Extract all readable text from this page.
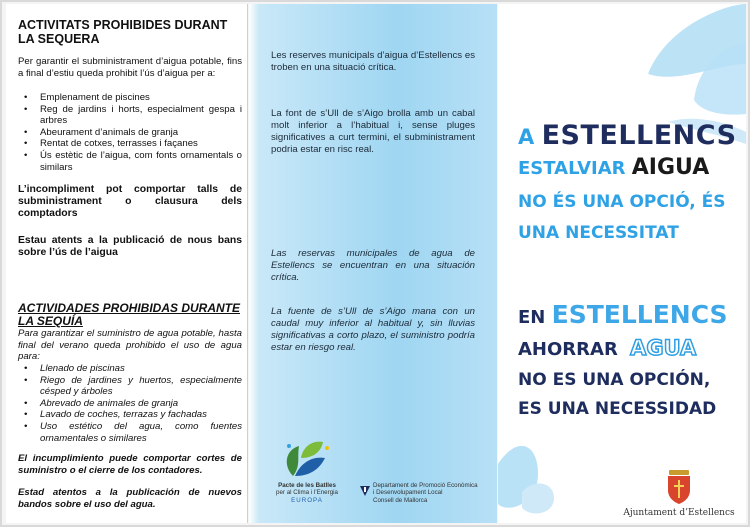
ACTIVITATS PROHIBIDES DURANT LA SEQUERA
Per garantir el subministrament d’aigua potable, fins a final d’estiu queda prohibit l’ús d’aigua per a:
• Emplenament de piscines
• Reg de jardins i horts, especialment gespa i arbres
• Abeurament d’animals de granja
• Rentat de cotxes, terrasses i façanes
• Ús estètic de l’aigua, com fonts ornamentals o similars
L’incompliment pot comportar talls de subministrament o clausura dels comptadors
Estau atents a la publicació de nous bans sobre l’ús de l’aigua
ACTIVIDADES PROHIBIDAS DURANTE LA SEQUÍA
Para garantizar el suministro de agua potable, hasta final del verano queda prohibido el uso de agua para:
• Llenado de piscinas
• Riego de jardines y huertos, especialmente césped y árboles
• Abrevado de animales de granja
• Lavado de coches, terrazas y fachadas
• Uso estético del agua, como fuentes ornamentales o similares
El incumplimiento puede comportar cortes de suministro o el cierre de los contadores.
Estad atentos a la publicación de nuevos bandos sobre el uso del agua.
Les reserves municipals d’aigua d’Estellencs es troben en una situació crítica.
La font de s’Ull de s’Aigo brolla amb un cabal molt inferior a l’habitual i, sense pluges significatives a curt termini, el subministrament podria estar en risc real.
Las reservas municipales de agua de Estellencs se encuentran en una situación crítica.
La fuente de s’Ull de s’Aigo mana con un caudal muy inferior al habitual y, sin lluvias significativas a corto plazo, el suministro podría estar en riesgo real.
Pacte de les Batlles
per al Clima i l’Energia
EUROPA
Departament de Promoció Econòmica
i Desenvolupament Local
Consell de Mallorca
A ESTELLENCS
ESTALVIAR AIGUA
NO ÉS UNA OPCIÓ, ÉS
UNA NECESSITAT
EN ESTELLENCS
AHORRAR AGUA
NO ES UNA OPCIÓN,
ES UNA NECESSIDAD
Ajuntament d’Estellencs
